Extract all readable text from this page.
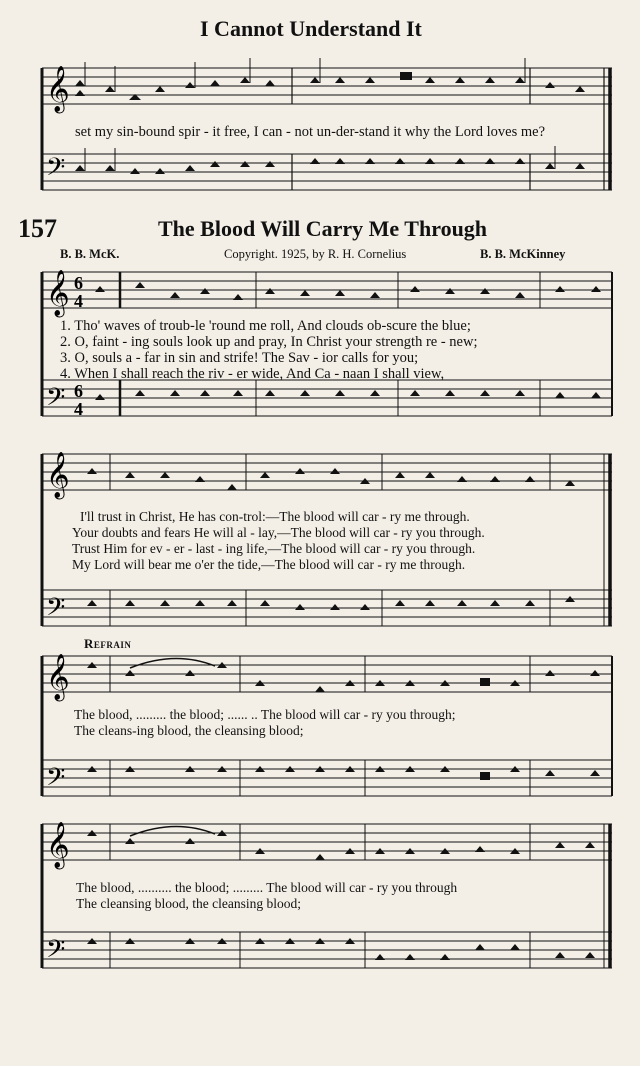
I Cannot Understand It
𝄞
𝄢
set my sin-bound spir - it free, I can - not un-der-stand it why the Lord loves me?
157	The Blood Will Carry Me Through
B. B. McK.	Copyright. 1925, by R. H. Cornelius	B. B. McKinney
𝄞
𝄢
6
4
6
4
1. Tho' waves of troub-le 'round me roll, And clouds ob-scure the blue;
2. O, faint - ing souls look up and pray, In Christ your strength re - new;
3. O, souls a - far in sin and strife! The Sav - ior calls for you;
4. When I shall reach the riv - er wide, And Ca - naan I shall view,
𝄞
𝄢
I'll trust in Christ, He has con-trol:—The blood will car - ry me through.
Your doubts and fears He will al - lay,—The blood will car - ry you through.
Trust Him for ev - er - last - ing life,—The blood will car - ry you through.
My Lord will bear me o'er the tide,—The blood will car - ry me through.
Refrain
𝄞
𝄢
The blood, ......... the blood; ...... .. The blood will car - ry you through;
The cleans-ing blood, the cleansing blood;
𝄞
𝄢
The blood, .......... the blood; ......... The blood will car - ry you through
The cleansing blood, the cleansing blood;
